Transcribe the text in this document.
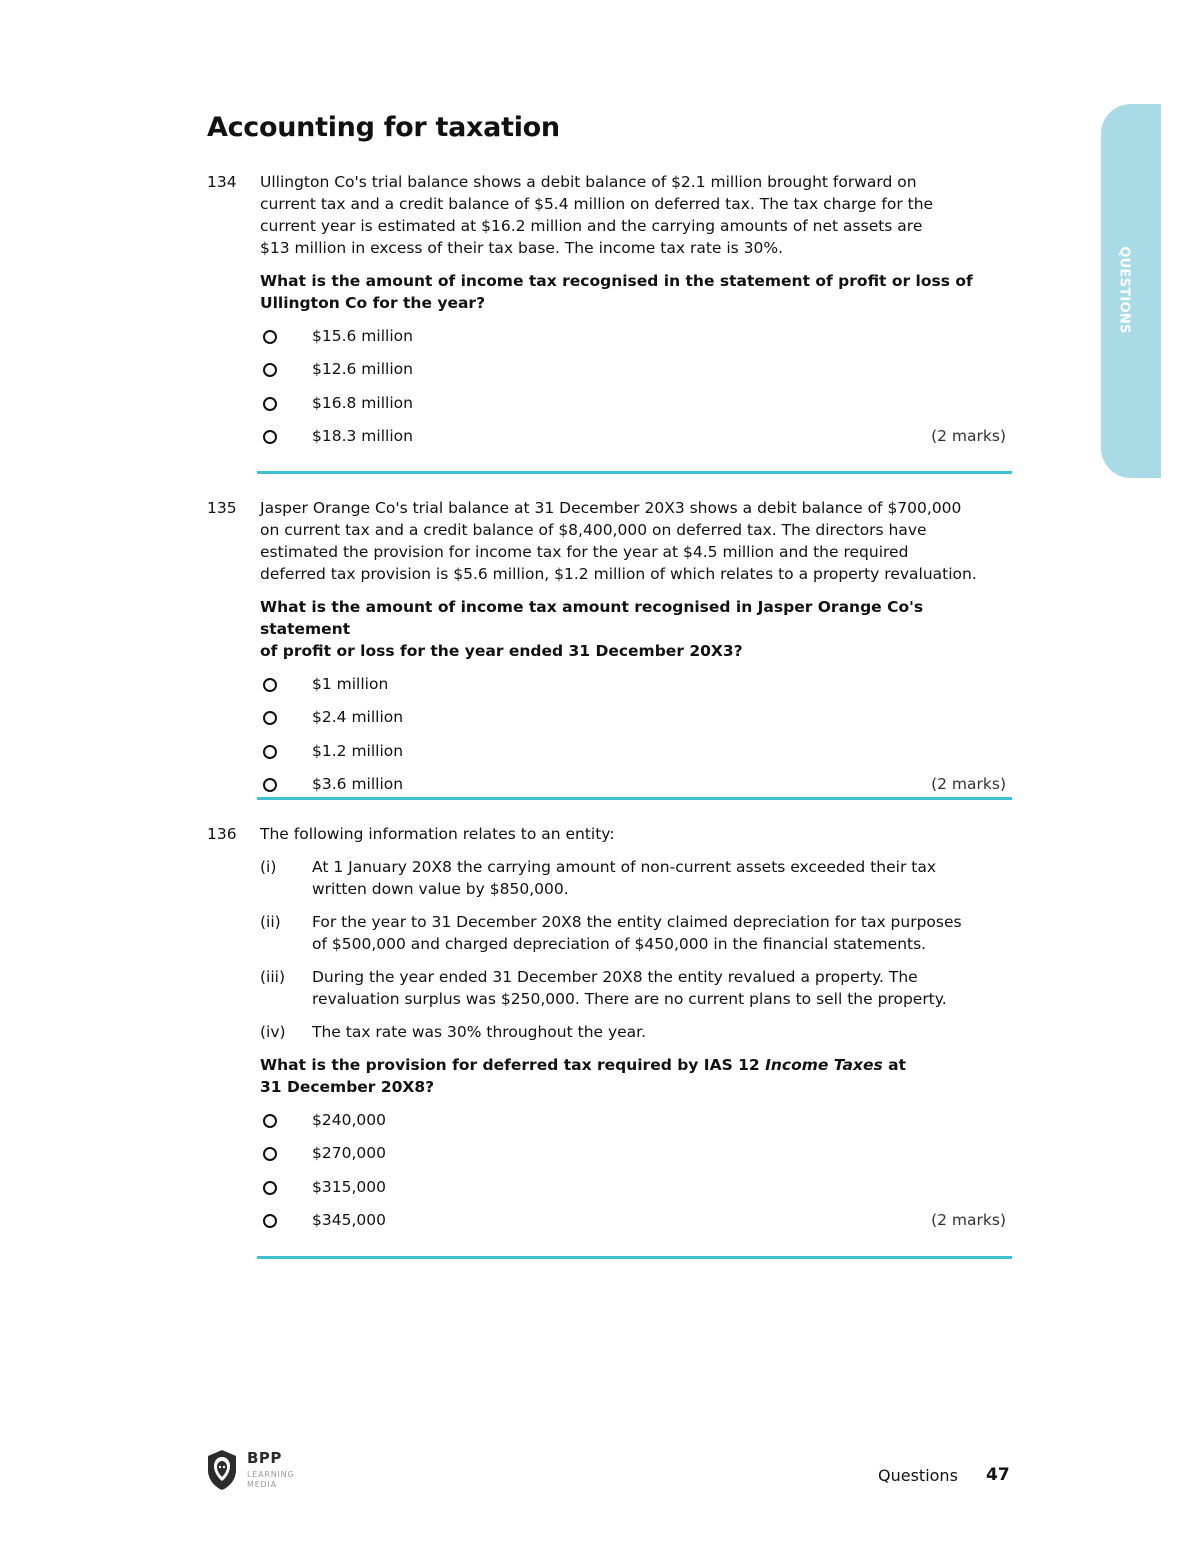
Accounting for taxation
QUESTIONS
134 Ullington Co's trial balance shows a debit balance of $2.1 million brought forward on

current tax and a credit balance of $5.4 million on deferred tax. The tax charge for the

current year is estimated at $16.2 million and the carrying amounts of net assets are

$13 million in excess of their tax base. The income tax rate is 30%.

What is the amount of income tax recognised in the statement of profit or loss of
Ullington Co for the year?
$15.6 million
$12.6 million
$16.8 million
$18.3 million	(2 marks)
135 Jasper Orange Co's trial balance at 31 December 20X3 shows a debit balance of $700,000

on current tax and a credit balance of $8,400,000 on deferred tax. The directors have

estimated the provision for income tax for the year at $4.5 million and the required

deferred tax provision is $5.6 million, $1.2 million of which relates to a property revaluation.

What is the amount of income tax amount recognised in Jasper Orange Co's statement
of profit or loss for the year ended 31 December 20X3?
$1 million
$2.4 million
$1.2 million
$3.6 million	(2 marks)
136 The following information relates to an entity:
(i) At 1 January 20X8 the carrying amount of non-current assets exceeded their tax
written down value by $850,000.
(ii) For the year to 31 December 20X8 the entity claimed depreciation for tax purposes
of $500,000 and charged depreciation of $450,000 in the financial statements.
(iii) During the year ended 31 December 20X8 the entity revalued a property. The
revaluation surplus was $250,000. There are no current plans to sell the property.
(iv) The tax rate was 30% throughout the year.
What is the provision for deferred tax required by IAS 12 Income Taxes at
31 December 20X8?
$240,000
$270,000
$315,000
$345,000	(2 marks)
BPP
LEARNING
MEDIA	Questions 47
